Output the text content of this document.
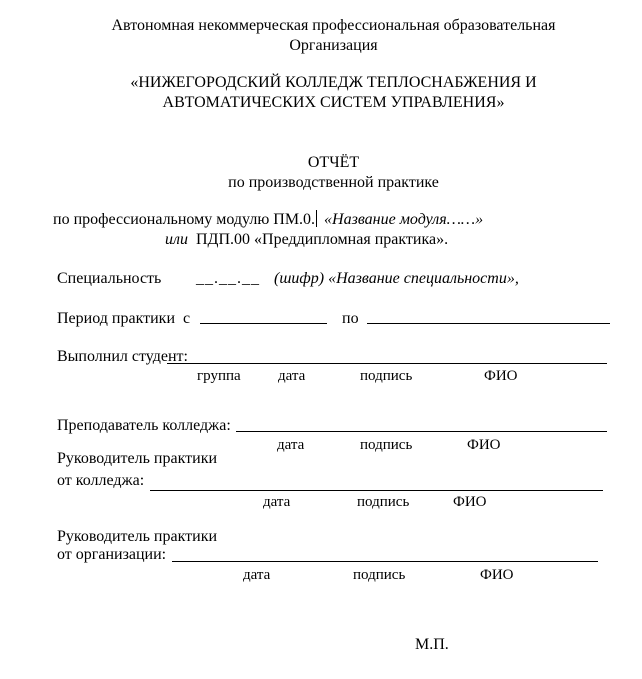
Автономная некоммерческая профессиональная образовательная
Организация
«НИЖЕГОРОДСКИЙ КОЛЛЕДЖ ТЕПЛОСНАБЖЕНИЯ И
АВТОМАТИЧЕСКИХ СИСТЕМ УПРАВЛЕНИЯ»
ОТЧЁТ
по производственной практике
по профессиональному модулю ПМ.0. «Название модуля……»
или  ПДП.00 «Преддипломная практика».
Специальность __.__.__ (шифр) «Название специальности»,
Период практики  с	по
Выполнил студент:
группа дата	подпись	ФИО
Преподаватель колледжа:
дата	подпись	ФИО
Руководитель практики
от колледжа:
дата	подпись	ФИО
Руководитель практики
от организации:
дата	подпись	ФИО
М.П.
